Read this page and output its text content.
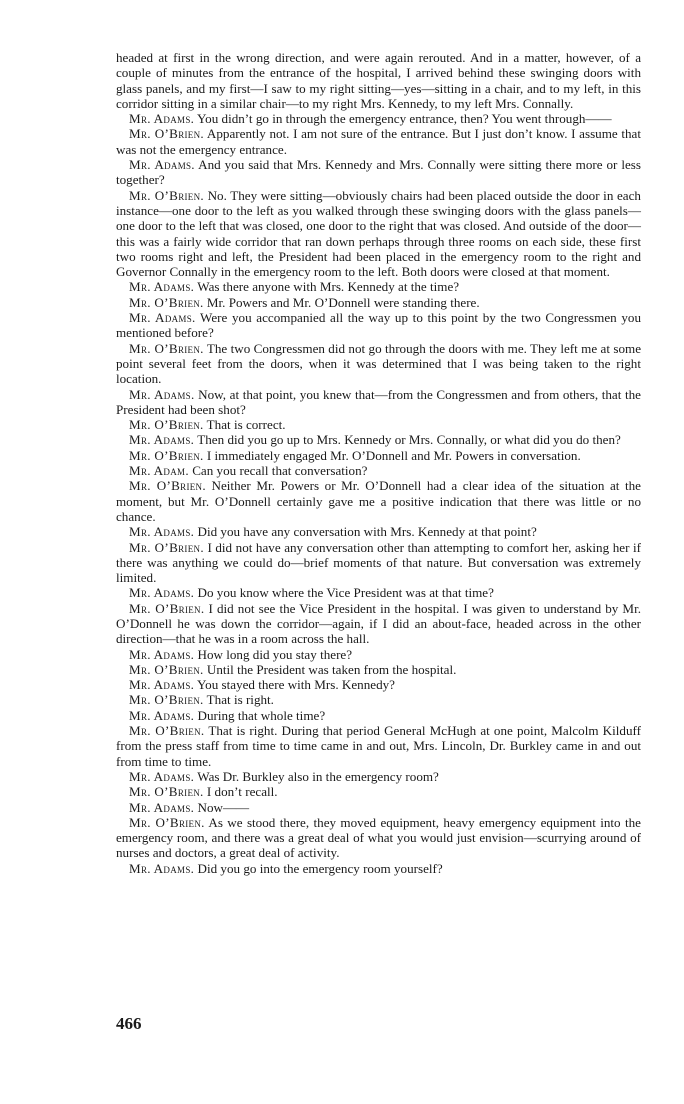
headed at first in the wrong direction, and were again rerouted. And in a matter, however, of a couple of minutes from the entrance of the hospital, I arrived behind these swinging doors with glass panels, and my first—I saw to my right sitting—yes—sitting in a chair, and to my left, in this corridor sitting in a similar chair—to my right Mrs. Kennedy, to my left Mrs. Connally.

Mr. Adams. You didn’t go in through the emergency entrance, then? You went through——

Mr. O’Brien. Apparently not. I am not sure of the entrance. But I just don’t know. I assume that was not the emergency entrance.

Mr. Adams. And you said that Mrs. Kennedy and Mrs. Connally were sitting there more or less together?

Mr. O’Brien. No. They were sitting—obviously chairs had been placed outside the door in each instance—one door to the left as you walked through these swinging doors with the glass panels—one door to the left that was closed, one door to the right that was closed. And outside of the door—this was a fairly wide corridor that ran down perhaps through three rooms on each side, these first two rooms right and left, the President had been placed in the emergency room to the right and Governor Connally in the emergency room to the left. Both doors were closed at that moment.

Mr. Adams. Was there anyone with Mrs. Kennedy at the time?

Mr. O’Brien. Mr. Powers and Mr. O’Donnell were standing there.

Mr. Adams. Were you accompanied all the way up to this point by the two Congressmen you mentioned before?

Mr. O’Brien. The two Congressmen did not go through the doors with me. They left me at some point several feet from the doors, when it was determined that I was being taken to the right location.

Mr. Adams. Now, at that point, you knew that—from the Congressmen and from others, that the President had been shot?

Mr. O’Brien. That is correct.

Mr. Adams. Then did you go up to Mrs. Kennedy or Mrs. Connally, or what did you do then?

Mr. O’Brien. I immediately engaged Mr. O’Donnell and Mr. Powers in conversation.

Mr. Adam. Can you recall that conversation?

Mr. O’Brien. Neither Mr. Powers or Mr. O’Donnell had a clear idea of the situation at the moment, but Mr. O’Donnell certainly gave me a positive indication that there was little or no chance.

Mr. Adams. Did you have any conversation with Mrs. Kennedy at that point?

Mr. O’Brien. I did not have any conversation other than attempting to comfort her, asking her if there was anything we could do—brief moments of that nature. But conversation was extremely limited.

Mr. Adams. Do you know where the Vice President was at that time?

Mr. O’Brien. I did not see the Vice President in the hospital. I was given to understand by Mr. O’Donnell he was down the corridor—again, if I did an about-face, headed across in the other direction—that he was in a room across the hall.

Mr. Adams. How long did you stay there?

Mr. O’Brien. Until the President was taken from the hospital.

Mr. Adams. You stayed there with Mrs. Kennedy?

Mr. O’Brien. That is right.

Mr. Adams. During that whole time?

Mr. O’Brien. That is right. During that period General McHugh at one point, Malcolm Kilduff from the press staff from time to time came in and out, Mrs. Lincoln, Dr. Burkley came in and out from time to time.

Mr. Adams. Was Dr. Burkley also in the emergency room?

Mr. O’Brien. I don’t recall.

Mr. Adams. Now——

Mr. O’Brien. As we stood there, they moved equipment, heavy emergency equipment into the emergency room, and there was a great deal of what you would just envision—scurrying around of nurses and doctors, a great deal of activity.

Mr. Adams. Did you go into the emergency room yourself?

466
